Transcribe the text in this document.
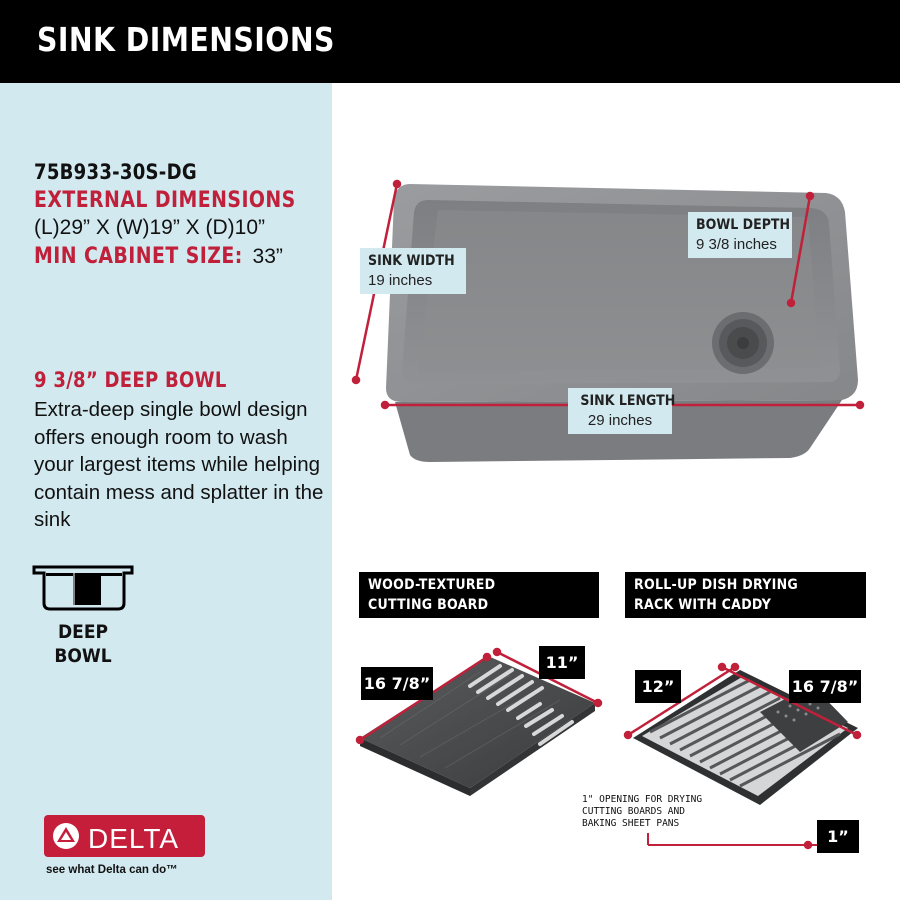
SINK DIMENSIONS
75B933-30S-DG
EXTERNAL DIMENSIONS
(L)29” X (W)19” X (D)10”
MIN CABINET SIZE: 33”
9 3/8” DEEP BOWL
Extra-deep single bowl design offers enough room to wash your largest items while helping contain mess and splatter in the sink
DEEP
BOWL
DELTA
see what Delta can do™
SINK WIDTH
19 inches
BOWL DEPTH
9 3/8 inches
SINK LENGTH
29 inches
WOOD-TEXTURED
CUTTING BOARD
ROLL-UP DISH DRYING
RACK WITH CADDY
16 7/8”
11”
12”	16 7/8”
1”
1" OPENING FOR DRYING
CUTTING BOARDS AND
BAKING SHEET PANS
